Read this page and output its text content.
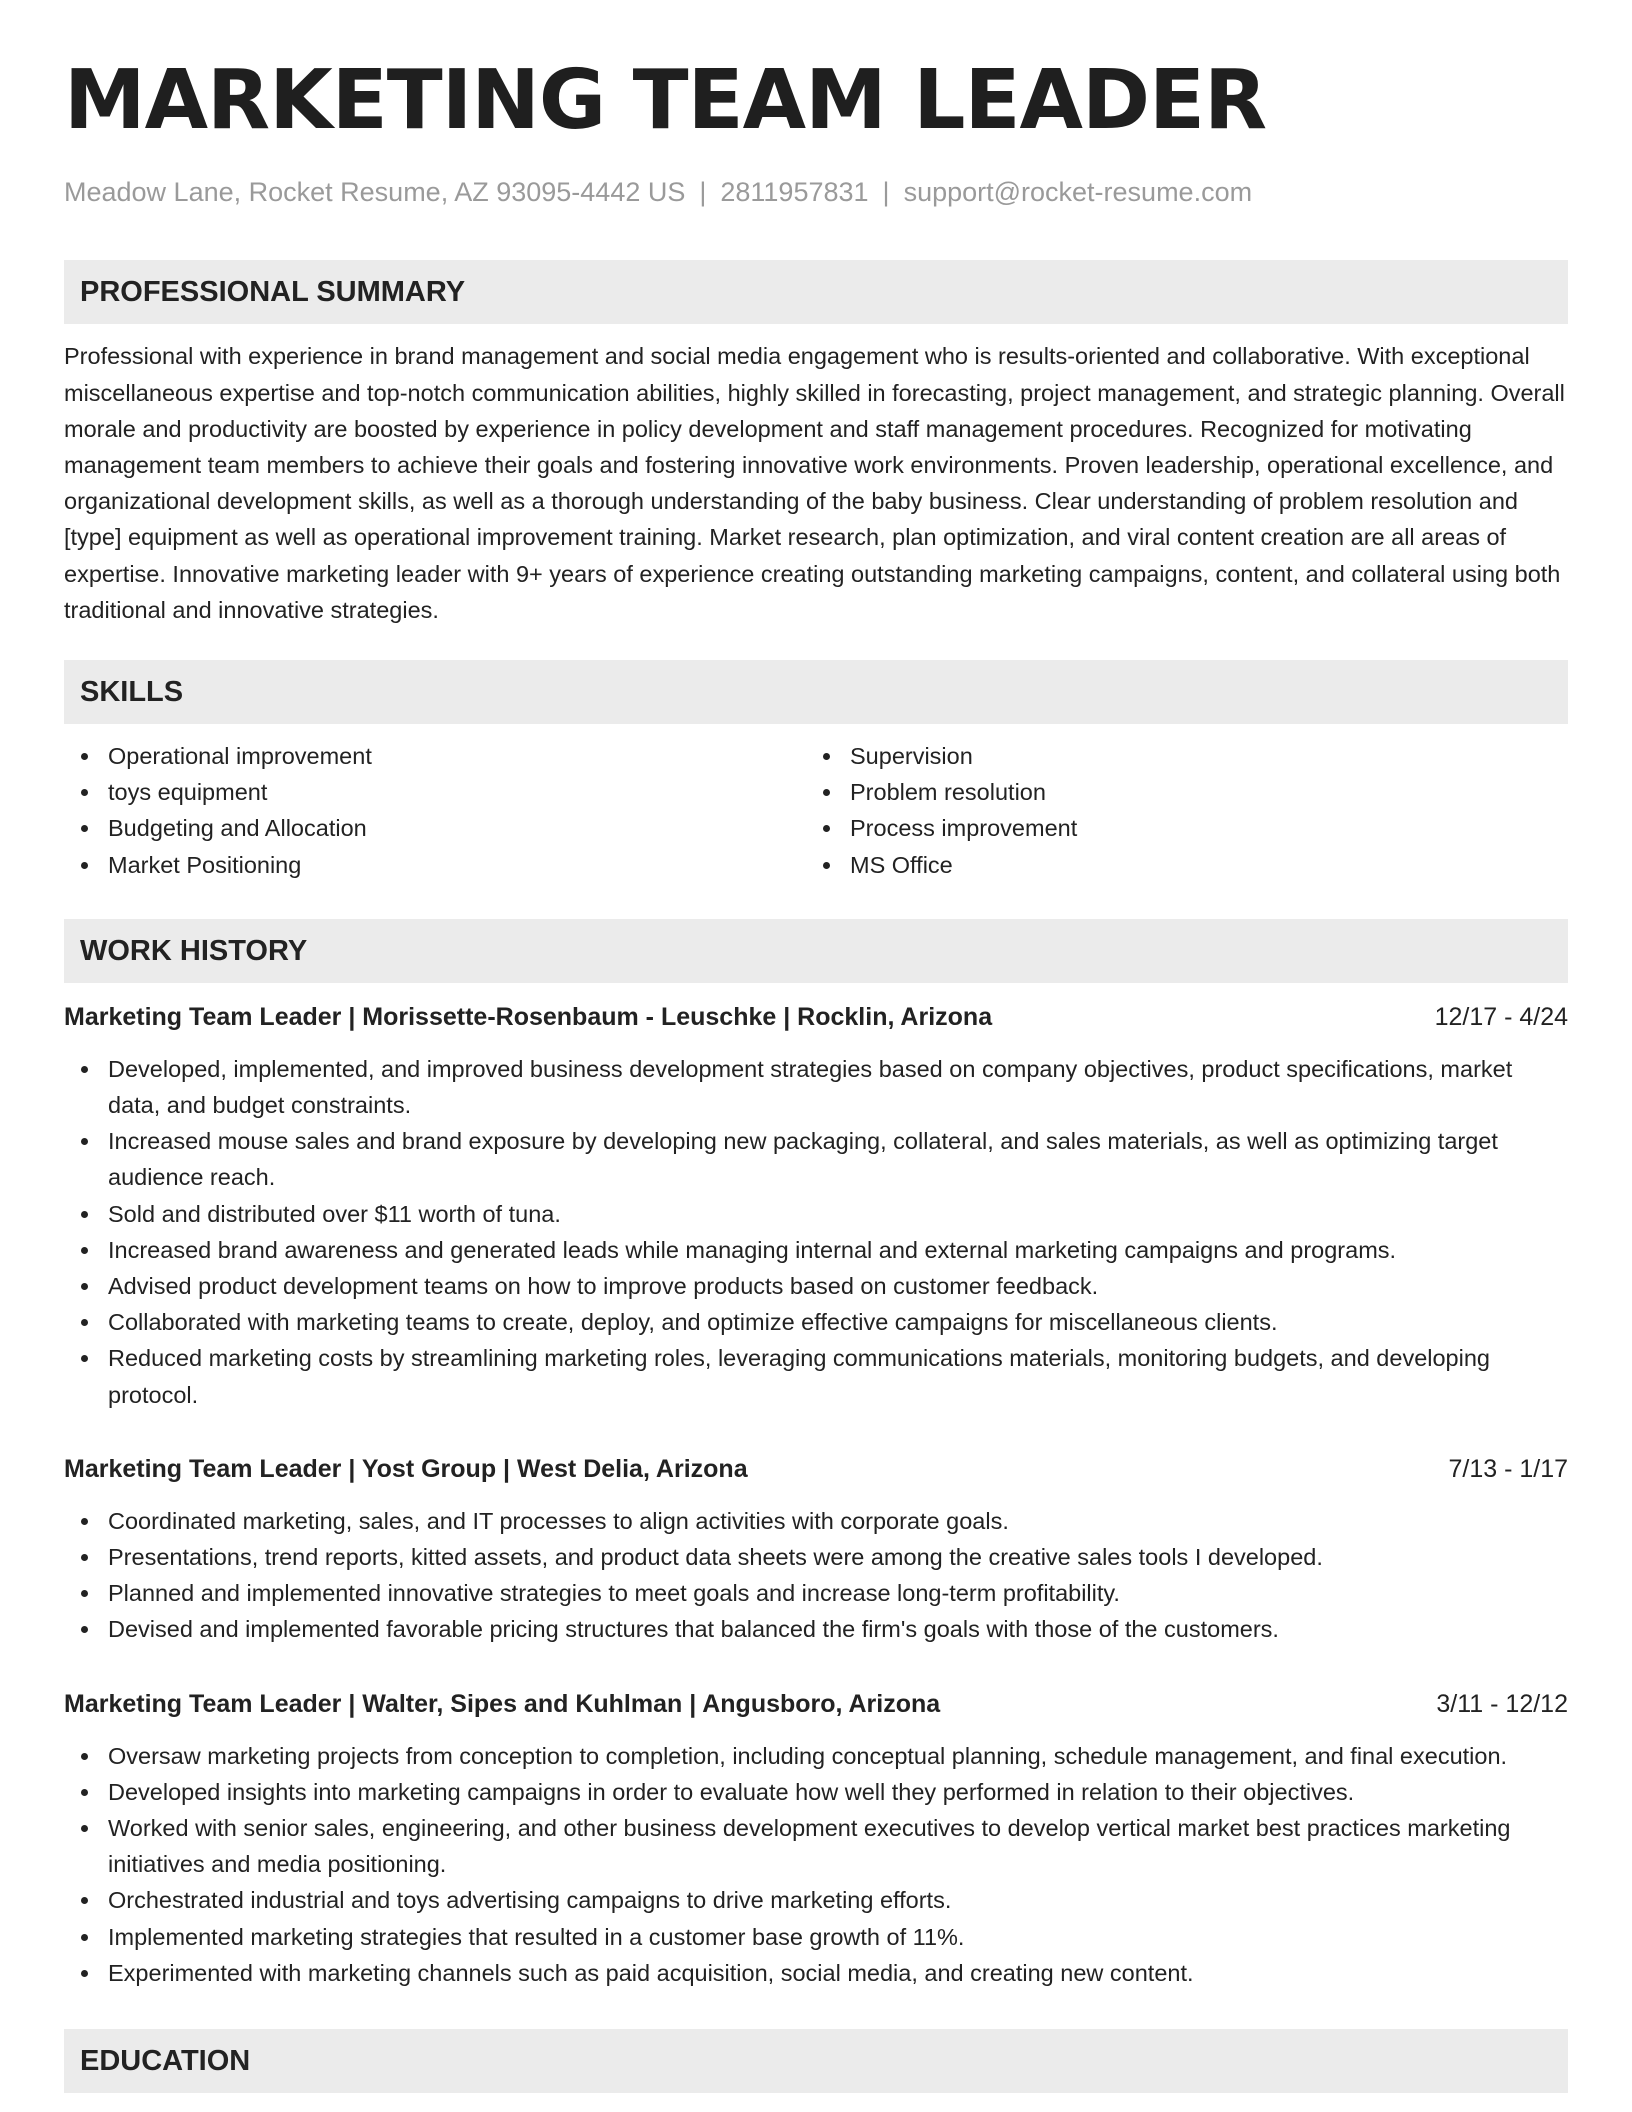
MARKETING TEAM LEADER
Meadow Lane, Rocket Resume, AZ 93095-4442 US | 2811957831 | support@rocket-resume.com
PROFESSIONAL SUMMARY
Professional with experience in brand management and social media engagement who is results-oriented and collaborative. With exceptional miscellaneous expertise and top-notch communication abilities, highly skilled in forecasting, project management, and strategic planning. Overall morale and productivity are boosted by experience in policy development and staff management procedures. Recognized for motivating management team members to achieve their goals and fostering innovative work environments. Proven leadership, operational excellence, and organizational development skills, as well as a thorough understanding of the baby business. Clear understanding of problem resolution and [type] equipment as well as operational improvement training. Market research, plan optimization, and viral content creation are all areas of expertise. Innovative marketing leader with 9+ years of experience creating outstanding marketing campaigns, content, and collateral using both traditional and innovative strategies.
SKILLS
Operational improvement
toys equipment
Budgeting and Allocation
Market Positioning
Supervision
Problem resolution
Process improvement
MS Office
WORK HISTORY
Marketing Team Leader | Morissette-Rosenbaum - Leuschke | Rocklin, Arizona	12/17 - 4/24
Developed, implemented, and improved business development strategies based on company objectives, product specifications, market data, and budget constraints.
Increased mouse sales and brand exposure by developing new packaging, collateral, and sales materials, as well as optimizing target audience reach.
Sold and distributed over $11 worth of tuna.
Increased brand awareness and generated leads while managing internal and external marketing campaigns and programs.
Advised product development teams on how to improve products based on customer feedback.
Collaborated with marketing teams to create, deploy, and optimize effective campaigns for miscellaneous clients.
Reduced marketing costs by streamlining marketing roles, leveraging communications materials, monitoring budgets, and developing protocol.
Marketing Team Leader | Yost Group | West Delia, Arizona	7/13 - 1/17
Coordinated marketing, sales, and IT processes to align activities with corporate goals.
Presentations, trend reports, kitted assets, and product data sheets were among the creative sales tools I developed.
Planned and implemented innovative strategies to meet goals and increase long-term profitability.
Devised and implemented favorable pricing structures that balanced the firm's goals with those of the customers.
Marketing Team Leader | Walter, Sipes and Kuhlman | Angusboro, Arizona	3/11 - 12/12
Oversaw marketing projects from conception to completion, including conceptual planning, schedule management, and final execution.
Developed insights into marketing campaigns in order to evaluate how well they performed in relation to their objectives.
Worked with senior sales, engineering, and other business development executives to develop vertical market best practices marketing initiatives and media positioning.
Orchestrated industrial and toys advertising campaigns to drive marketing efforts.
Implemented marketing strategies that resulted in a customer base growth of 11%.
Experimented with marketing channels such as paid acquisition, social media, and creating new content.
EDUCATION
